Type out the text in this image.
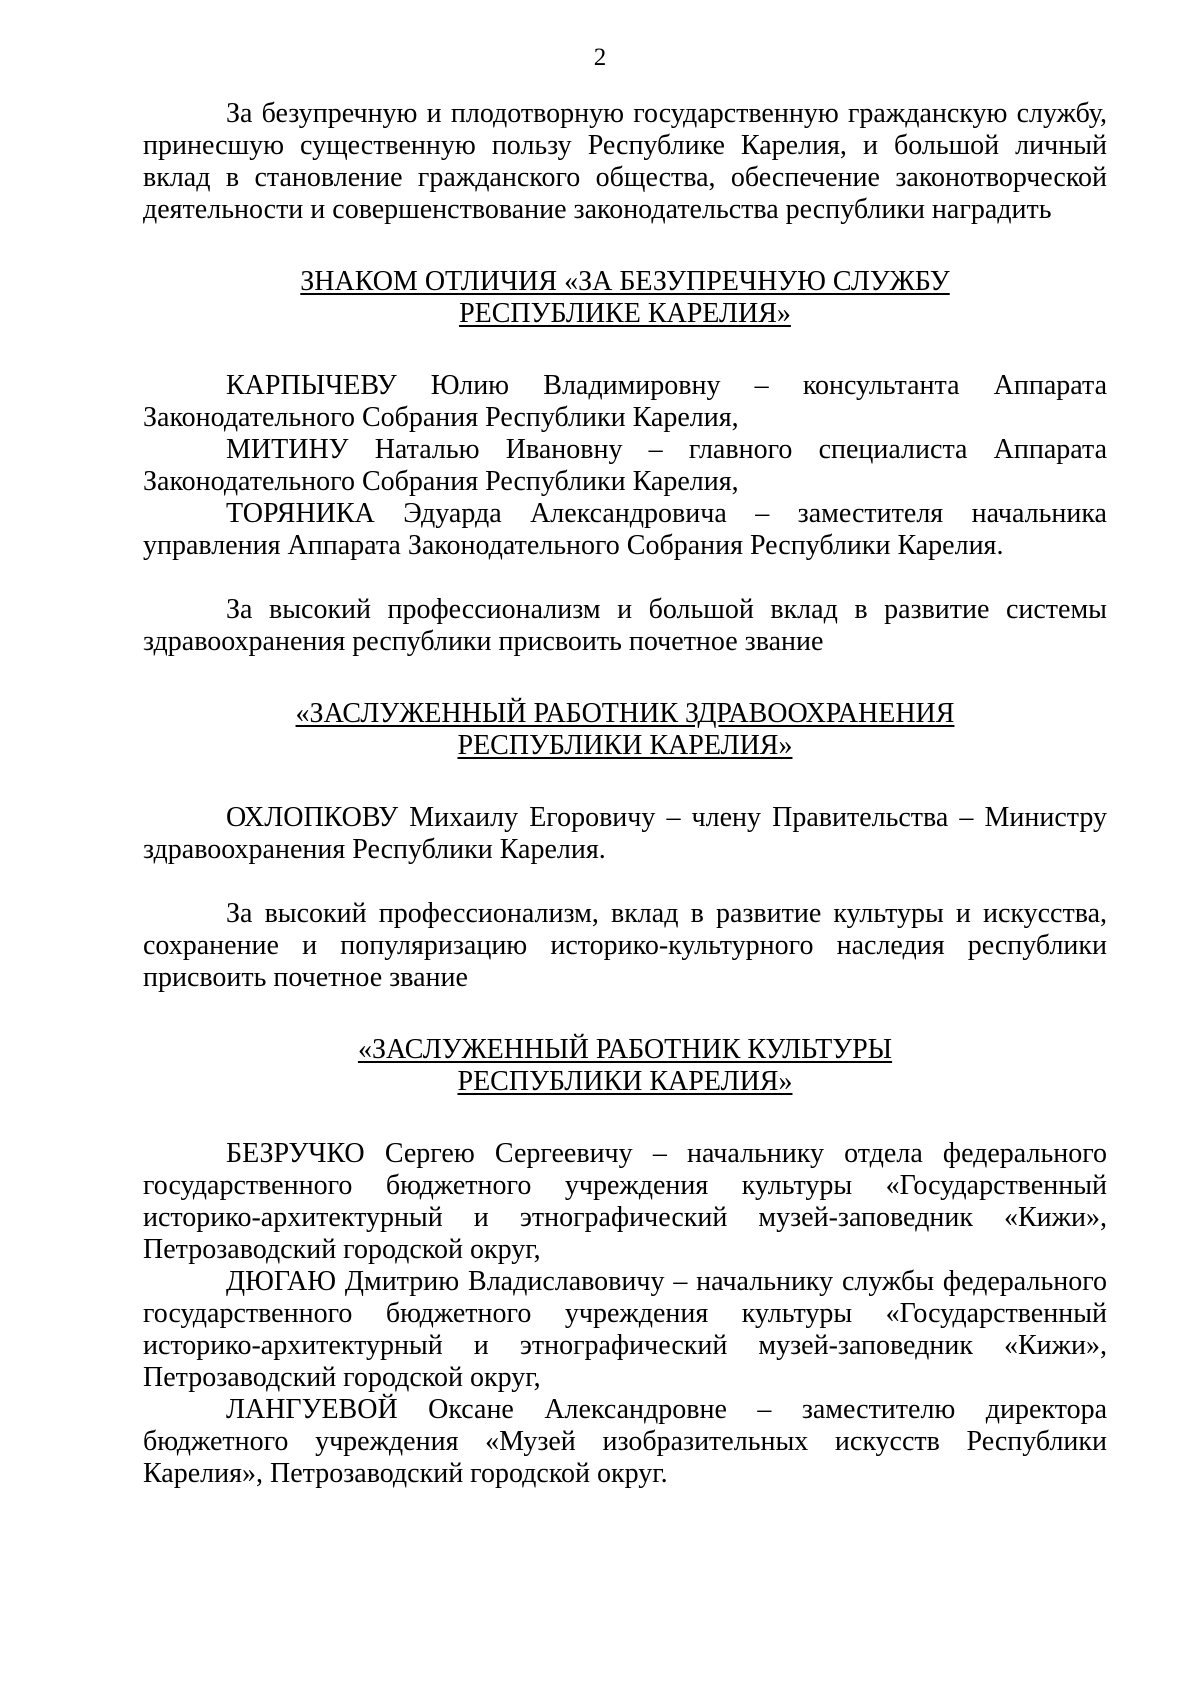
2

За безупречную и плодотворную государственную гражданскую службу, принесшую существенную пользу Республике Карелия, и большой личный вклад в становление гражданского общества, обеспечение законотворческой деятельности и совершенствование законодательства республики наградить

ЗНАКОМ ОТЛИЧИЯ «ЗА БЕЗУПРЕЧНУЮ СЛУЖБУ
РЕСПУБЛИКЕ КАРЕЛИЯ»

КАРПЫЧЕВУ Юлию Владимировну – консультанта Аппарата Законодательного Собрания Республики Карелия,

МИТИНУ Наталью Ивановну – главного специалиста Аппарата Законодательного Собрания Республики Карелия,

ТОРЯНИКА Эдуарда Александровича – заместителя начальника управления Аппарата Законодательного Собрания Республики Карелия.

За высокий профессионализм и большой вклад в развитие системы здравоохранения республики присвоить почетное звание

«ЗАСЛУЖЕННЫЙ РАБОТНИК ЗДРАВООХРАНЕНИЯ
РЕСПУБЛИКИ КАРЕЛИЯ»

ОХЛОПКОВУ Михаилу Егоровичу – члену Правительства – Министру здравоохранения Республики Карелия.

За высокий профессионализм, вклад в развитие культуры и искусства, сохранение и популяризацию историко-культурного наследия республики присвоить почетное звание

«ЗАСЛУЖЕННЫЙ РАБОТНИК КУЛЬТУРЫ
РЕСПУБЛИКИ КАРЕЛИЯ»

БЕЗРУЧКО Сергею Сергеевичу – начальнику отдела федерального государственного бюджетного учреждения культуры «Государственный историко-архитектурный и этнографический музей-заповедник «Кижи», Петрозаводский городской округ,

ДЮГАЮ Дмитрию Владиславовичу – начальнику службы федерального государственного бюджетного учреждения культуры «Государственный историко-архитектурный и этнографический музей-заповедник «Кижи», Петрозаводский городской округ,

ЛАНГУЕВОЙ Оксане Александровне – заместителю директора бюджетного учреждения «Музей изобразительных искусств Республики Карелия», Петрозаводский городской округ.
